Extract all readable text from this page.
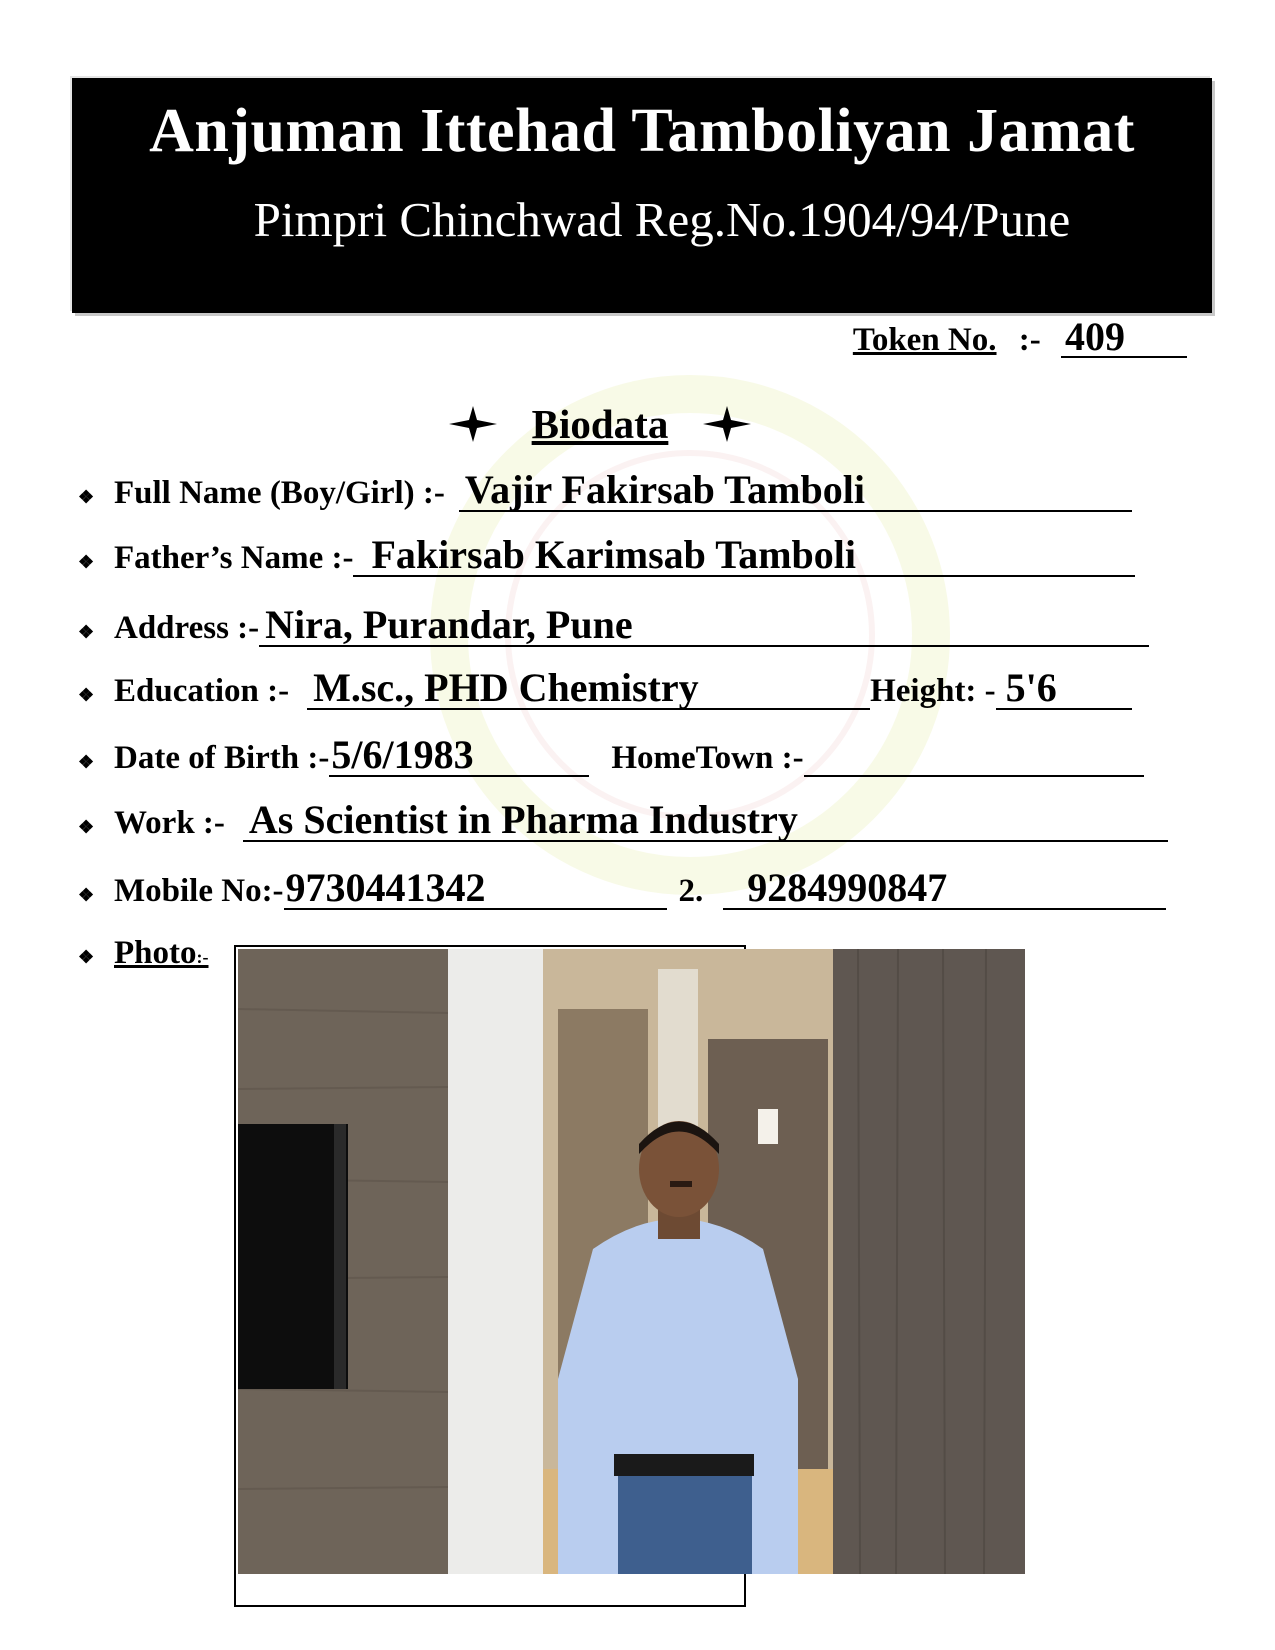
Anjuman Ittehad Tamboliyan Jamat
Pimpri Chinchwad Reg.No.1904/94/Pune
Token No. :- 409
Biodata
❖ Full Name (Boy/Girl) :- Vajir Fakirsab Tamboli
❖ Father’s Name :- Fakirsab Karimsab Tamboli
❖ Address :- Nira, Purandar, Pune
❖ Education :- M.sc., PHD Chemistry	Height: - 5'6
❖ Date of Birth :- 5/6/1983	HomeTown :-
❖ Work :- As Scientist in Pharma Industry
❖ Mobile No:- 9730441342	2.	9284990847
❖ Photo:-
